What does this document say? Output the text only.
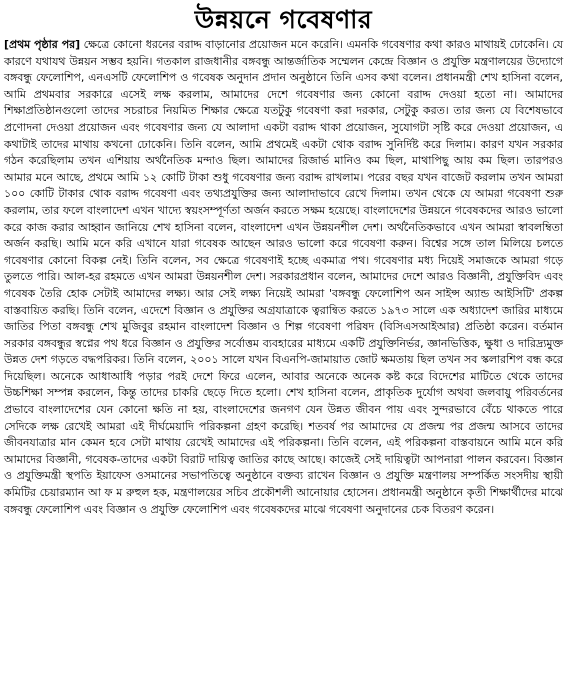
উন্নয়নে গবেষণার

[প্রথম পৃষ্ঠার পর] ক্ষেত্রে কোনো ধরনের বরাদ্দ বাড়ানোর প্রয়োজন মনে করেনি। এমনকি গবেষণার কথা কারও মাথায়ই ঢোকেনি। যে কারণে যথাযথ উন্নয়ন সম্ভব হয়নি। গতকাল রাজধানীর বঙ্গবন্ধু আন্তর্জাতিক সম্মেলন কেন্দ্রে বিজ্ঞান ও প্রযুক্তি মন্ত্রণালয়ের উদ্যোগে বঙ্গবন্ধু ফেলোশিপ, এনএসটি ফেলোশিপ ও গবেষক অনুদান প্রদান অনুষ্ঠানে তিনি এসব কথা বলেন। প্রধানমন্ত্রী শেখ হাসিনা বলেন, আমি প্রথমবার সরকারে এসেই লক্ষ করলাম, আমাদের দেশে গবেষণার জন্য কোনো বরাদ্দ দেওয়া হতো না। আমাদের শিক্ষাপ্রতিষ্ঠানগুলো তাদের সচরাচর নিয়মিত শিক্ষার ক্ষেত্রে যতটুকু গবেষণা করা দরকার, সেটুকু করত। তার জন্য যে বিশেষভাবে প্রণোদনা দেওয়া প্রয়োজন এবং গবেষণার জন্য যে আলাদা একটা বরাদ্দ থাকা প্রয়োজন, সুযোগটা সৃষ্টি করে দেওয়া প্রয়োজন, এ কথাটাই তাদের মাথায় কখনো ঢোকেনি। তিনি বলেন, আমি প্রথমেই একটা থোক বরাদ্দ সুনির্দিষ্ট করে দিলাম। কারণ যখন সরকার গঠন করেছিলাম তখন এশিয়ায় অর্থনৈতিক মন্দাও ছিল। আমাদের রিজার্ভ মানিও কম ছিল, মাথাপিছু আয় কম ছিল। তারপরও আমার মনে আছে, প্রথমে আমি ১২ কোটি টাকা শুধু গবেষণার জন্য বরাদ্দ রাখলাম। পরের বছর যখন বাজেট করলাম তখন আমরা ১০০ কোটি টাকার থোক বরাদ্দ গবেষণা এবং তথ্যপ্রযুক্তির জন্য আলাদাভাবে রেখে দিলাম। তখন থেকে যে আমরা গবেষণা শুরু করলাম, তার ফলে বাংলাদেশ এখন খাদ্যে স্বয়ংসম্পূর্ণতা অর্জন করতে সক্ষম হয়েছে। বাংলাদেশের উন্নয়নে গবেষকদের আরও ভালো করে কাজ করার আহ্বান জানিয়ে শেখ হাসিনা বলেন, বাংলাদেশ এখন উন্নয়নশীল দেশ। অর্থনৈতিকভাবে এখন আমরা স্বাবলম্বিতা অর্জন করছি। আমি মনে করি এখানে যারা গবেষক আছেন আরও ভালো করে গবেষণা করুন। বিশ্বের সঙ্গে তাল মিলিয়ে চলতে গবেষণার কোনো বিকল্প নেই। তিনি বলেন, সব ক্ষেত্রে গবেষণাই হচ্ছে একমাত্র পথ। গবেষণার মধ্য দিয়েই সমাজকে আমরা গড়ে তুলতে পারি। আল-হর রহমতে এখন আমরা উন্নয়নশীল দেশ। সরকারপ্রধান বলেন, আমাদের দেশে আরও বিজ্ঞানী, প্রযুক্তিবিদ এবং গবেষক তৈরি হোক সেটাই আমাদের লক্ষ্য। আর সেই লক্ষ্য নিয়েই আমরা 'বঙ্গবন্ধু ফেলোশিপ অন সাইন্স অ্যান্ড আইসিটি' প্রকল্প বাস্তবায়িত করছি। তিনি বলেন, এদেশে বিজ্ঞান ও প্রযুক্তির অগ্রযাত্রাকে ত্বরান্বিত করতে ১৯৭৩ সালে এক অধ্যাদেশ জারির মাধ্যমে জাতির পিতা বঙ্গবন্ধু শেখ মুজিবুর রহমান বাংলাদেশ বিজ্ঞান ও শিল্প গবেষণা পরিষদ (বিসিএসআইআর) প্রতিষ্ঠা করেন। বর্তমান সরকার বঙ্গবন্ধুর স্বপ্নের পথ ধরে বিজ্ঞান ও প্রযুক্তির সর্বোত্তম ব্যবহারের মাধ্যমে একটি প্রযুক্তিনির্ভর, জ্ঞানভিত্তিক, ক্ষুধা ও দারিদ্র্যমুক্ত উন্নত দেশ গড়তে বদ্ধপরিকর। তিনি বলেন, ২০০১ সালে যখন বিএনপি-জামায়াত জোট ক্ষমতায় ছিল তখন সব স্কলারশিপ বন্ধ করে দিয়েছিল। অনেকে আধাআধি পড়ার পরই দেশে ফিরে এলেন, আবার অনেকে অনেক কষ্ট করে বিদেশের মাটিতে থেকে তাদের উচ্চশিক্ষা সম্পন্ন করলেন, কিন্তু তাদের চাকরি ছেড়ে দিতে হলো। শেখ হাসিনা বলেন, প্রাকৃতিক দুর্যোগ অথবা জলবায়ু পরিবর্তনের প্রভাবে বাংলাদেশের যেন কোনো ক্ষতি না হয়, বাংলাদেশের জনগণ যেন উন্নত জীবন পায় এবং সুন্দরভাবে বেঁচে থাকতে পারে সেদিকে লক্ষ রেখেই আমরা এই দীর্ঘমেয়াদি পরিকল্পনা গ্রহণ করেছি। শতবর্ষ পর আমাদের যে প্রজন্ম পর প্রজন্ম আসবে তাদের জীবনযাত্রার মান কেমন হবে সেটা মাথায় রেখেই আমাদের এই পরিকল্পনা। তিনি বলেন, এই পরিকল্পনা বাস্তবায়নে আমি মনে করি আমাদের বিজ্ঞানী, গবেষক-তাদের একটা বিরাট দায়িত্ব জাতির কাছে আছে। কাজেই সেই দায়িত্বটা আপনারা পালন করবেন। বিজ্ঞান ও প্রযুক্তিমন্ত্রী স্থপতি ইয়াফেস ওসমানের সভাপতিত্বে অনুষ্ঠানে বক্তব্য রাখেন বিজ্ঞান ও প্রযুক্তি মন্ত্রণালয় সম্পর্কিত সংসদীয় স্থায়ী কমিটির চেয়ারম্যান আ ফ ম রুহুল হক, মন্ত্রণালয়ের সচিব প্রকৌশলী আনোয়ার হোসেন। প্রধানমন্ত্রী অনুষ্ঠানে কৃতী শিক্ষার্থীদের মাঝে বঙ্গবন্ধু ফেলোশিপ এবং বিজ্ঞান ও প্রযুক্তি ফেলোশিপ এবং গবেষকদের মাঝে গবেষণা অনুদানের চেক বিতরণ করেন।
